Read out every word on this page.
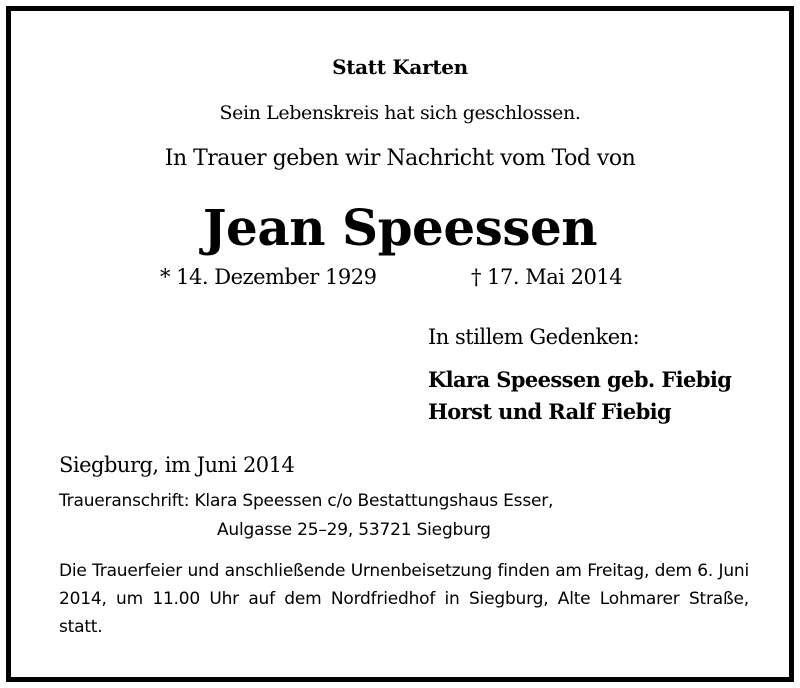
Statt Karten

Sein Lebenskreis hat sich geschlossen.

In Trauer geben wir Nachricht vom Tod von

Jean Speessen

* 14. Dezember 1929	† 17. Mai 2014

In stillem Gedenken:

Klara Speessen geb. Fiebig

Horst und Ralf Fiebig

Siegburg, im Juni 2014

Traueranschrift: Klara Speessen c/o Bestattungshaus Esser,

Aulgasse 25–29, 53721 Siegburg

Die Trauerfeier und anschließende Urnenbeisetzung finden am Freitag, dem 6. Juni 2014, um 11.00 Uhr auf dem Nordfriedhof in Siegburg, Alte Lohmarer Straße, statt.
